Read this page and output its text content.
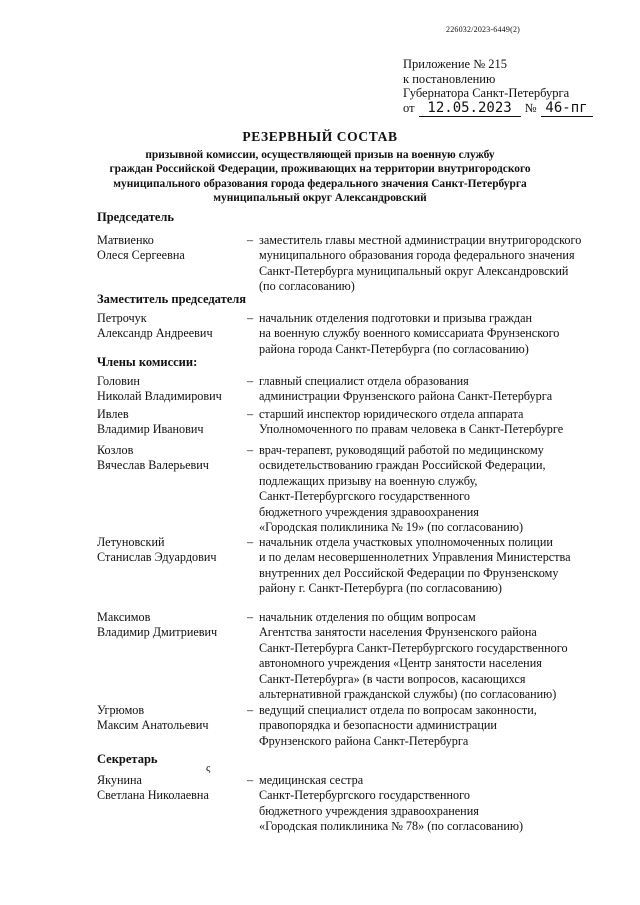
226032/2023-6449(2)
Приложение № 215
к постановлению
Губернатора Санкт-Петербурга
от 12.05.2023	№ 46-пг
РЕЗЕРВНЫЙ СОСТАВ
призывной комиссии, осуществляющей призыв на военную службу
граждан Российской Федерации, проживающих на территории внутригородского
муниципального образования города федерального значения Санкт-Петербурга
муниципальный округ Александровский
Председатель
Матвиенко
Олеся Сергеевна
– заместитель главы местной администрации внутригородского
муниципального образования города федерального значения
Санкт-Петербурга муниципальный округ Александровский
(по согласованию)
Заместитель председателя
Петрочук
Александр Андреевич
– начальник отделения подготовки и призыва граждан
на военную службу военного комиссариата Фрунзенского
района города Санкт-Петербурга (по согласованию)
Члены комиссии:
Головин
Николай Владимирович
– главный специалист отдела образования
администрации Фрунзенского района Санкт-Петербурга
Ивлев
Владимир Иванович
– старший инспектор юридического отдела аппарата
Уполномоченного по правам человека в Санкт-Петербурге
Козлов
Вячеслав Валерьевич
– врач-терапевт, руководящий работой по медицинскому
освидетельствованию граждан Российской Федерации,
подлежащих призыву на военную службу,
Санкт-Петербургского государственного
бюджетного учреждения здравоохранения
«Городская поликлиника № 19» (по согласованию)
Летуновский
Станислав Эдуардович
– начальник отдела участковых уполномоченных полиции
и по делам несовершеннолетних Управления Министерства
внутренних дел Российской Федерации по Фрунзенскому
району г. Санкт-Петербурга (по согласованию)
Максимов
Владимир Дмитриевич
– начальник отделения по общим вопросам
Агентства занятости населения Фрунзенского района
Санкт-Петербурга Санкт-Петербургского государственного
автономного учреждения «Центр занятости населения
Санкт-Петербурга» (в части вопросов, касающихся
альтернативной гражданской службы) (по согласованию)
Угрюмов
Максим Анатольевич
– ведущий специалист отдела по вопросам законности,
правопорядка и безопасности администрации
Фрунзенского района Санкт-Петербурга
Секретарь
ς
Якунина
Светлана Николаевна
– медицинская сестра
Санкт-Петербургского государственного
бюджетного учреждения здравоохранения
«Городская поликлиника № 78» (по согласованию)
